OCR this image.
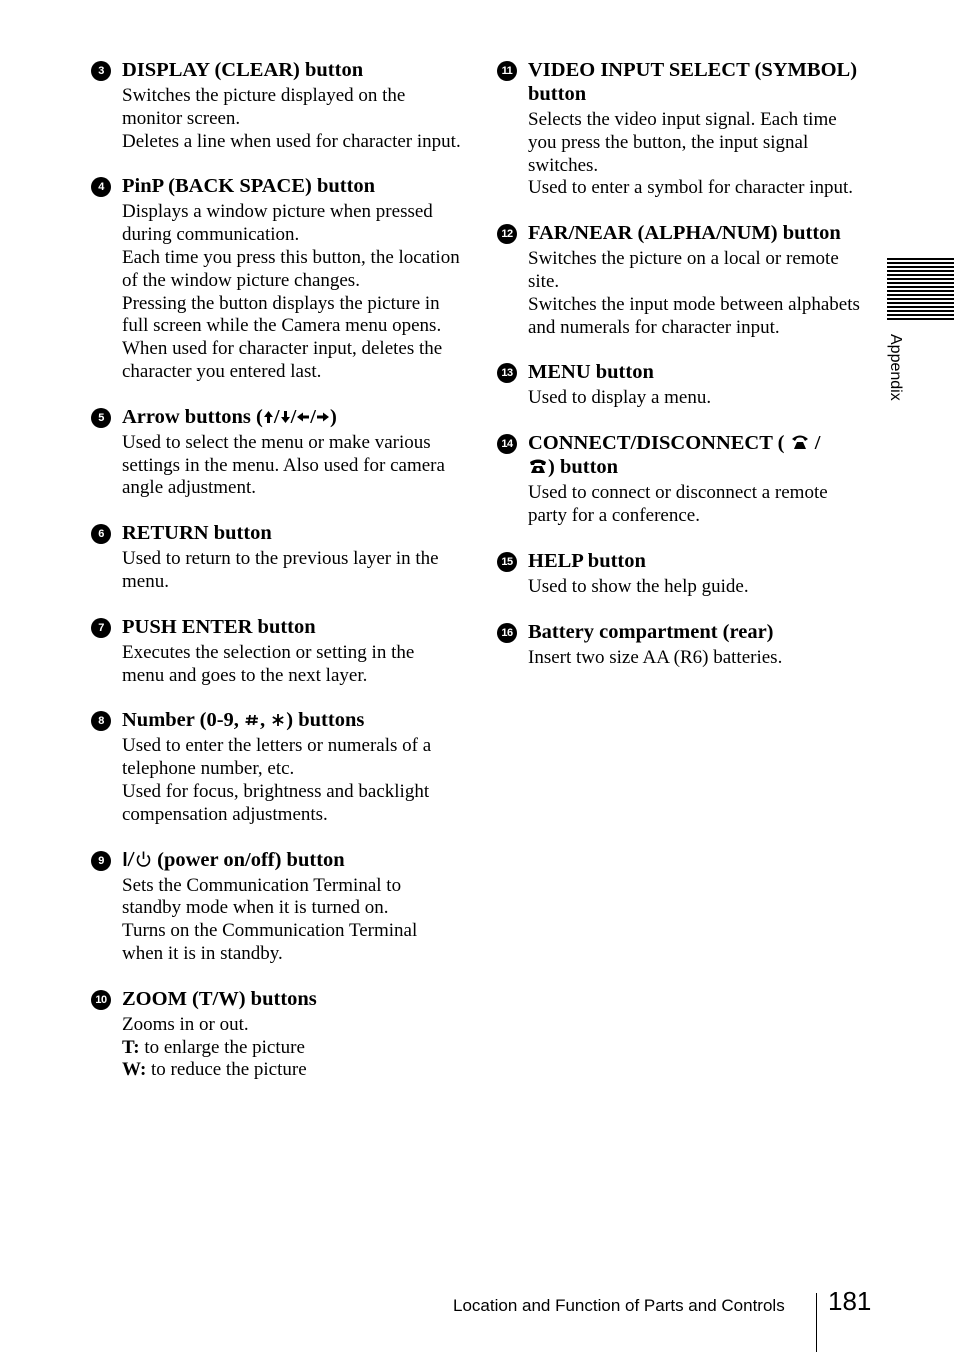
3 DISPLAY (CLEAR) button

Switches the picture displayed on the monitor screen.

Deletes a line when used for character input.

4 PinP (BACK SPACE) button

Displays a window picture when pressed during communication.

Each time you press this button, the location of the window picture changes.

Pressing the button displays the picture in full screen while the Camera menu opens.

When used for character input, deletes the character you entered last.

5 Arrow buttons ( / / / )

Used to select the menu or make various settings in the menu. Also used for camera angle adjustment.

6 RETURN button

Used to return to the previous layer in the menu.

7 PUSH ENTER button

Executes the selection or setting in the menu and goes to the next layer.

8 Number (0-9, , ) buttons

Used to enter the letters or numerals of a telephone number, etc.

Used for focus, brightness and backlight compensation adjustments.

9	(power on/off) button

Sets the Communication Terminal to standby mode when it is turned on.

Turns on the Communication Terminal when it is in standby.

10 ZOOM (T/W) buttons

Zooms in or out.

T: to enlarge the picture

W: to reduce the picture

11 VIDEO INPUT SELECT (SYMBOL) button

Selects the video input signal. Each time you press the button, the input signal switches.

Used to enter a symbol for character input.

12 FAR/NEAR (ALPHA/NUM) button

Switches the picture on a local or remote site.

Switches the input mode between alphabets and numerals for character input.

13 MENU button

Used to display a menu.

14 CONNECT/DISCONNECT ( /
) button

Used to connect or disconnect a remote party for a conference.

15 HELP button

Used to show the help guide.

16 Battery compartment (rear)

Insert two size AA (R6) batteries.

Appendix
Location and Function of Parts and Controls	181
